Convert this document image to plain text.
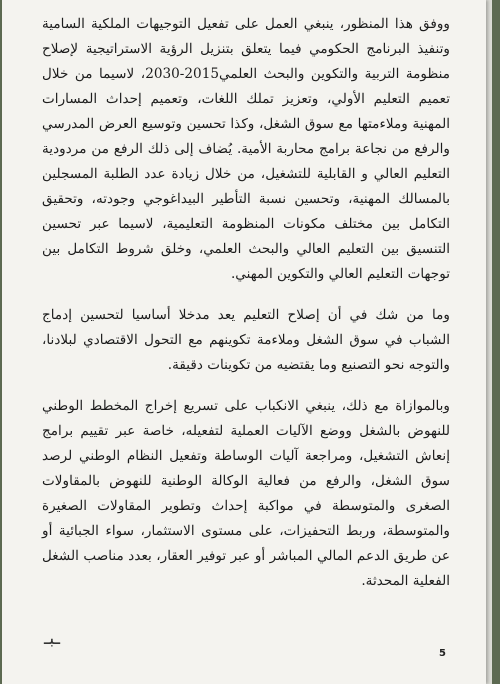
ووفق هذا المنظور، ينبغي العمل على تفعيل التوجيهات الملكية السامية وتنفيذ البرنامج الحكومي فيما يتعلق بتنزيل الرؤية الاستراتيجية لإصلاح منظومة التربية والتكوين والبحث العلمي2015-2030، لاسيما من خلال تعميم التعليم الأولي، وتعزيز تملك اللغات، وتعميم إحداث المسارات المهنية وملاءمتها مع سوق الشغل، وكذا تحسين وتوسيع العرض المدرسي والرفع من نجاعة برامج محاربة الأمية. يُضاف إلى ذلك الرفع من مردودية التعليم العالي و القابلية للتشغيل، من خلال زيادة عدد الطلبة المسجلين بالمسالك المهنية، وتحسين نسبة التأطير البيداغوجي وجودته، وتحقيق التكامل بين مختلف مكونات المنظومة التعليمية، لاسيما عبر تحسين التنسيق بين التعليم العالي والبحث العلمي، وخلق شروط التكامل بين توجهات التعليم العالي والتكوين المهني.

وما من شك في أن إصلاح التعليم يعد مدخلا أساسيا لتحسين إدماج الشباب في سوق الشغل وملاءمة تكوينهم مع التحول الاقتصادي لبلادنا، والتوجه نحو التصنيع وما يقتضيه من تكوينات دقيقة.

وبالموازاة مع ذلك، ينبغي الانكباب على تسريع إخراج المخطط الوطني للنهوض بالشغل ووضع الآليات العملية لتفعيله، خاصة عبر تقييم برامج إنعاش التشغيل، ومراجعة آليات الوساطة وتفعيل النظام الوطني لرصد سوق الشغل، والرفع من فعالية الوكالة الوطنية للنهوض بالمقاولات الصغرى والمتوسطة في مواكبة إحداث وتطوير المقاولات الصغيرة والمتوسطة، وربط التحفيزات، على مستوى الاستثمار، سواء الجبائية أو عن طريق الدعم المالي المباشر أو عبر توفير العقار، بعدد مناصب الشغل الفعلية المحدثة.

ـبـ
5
